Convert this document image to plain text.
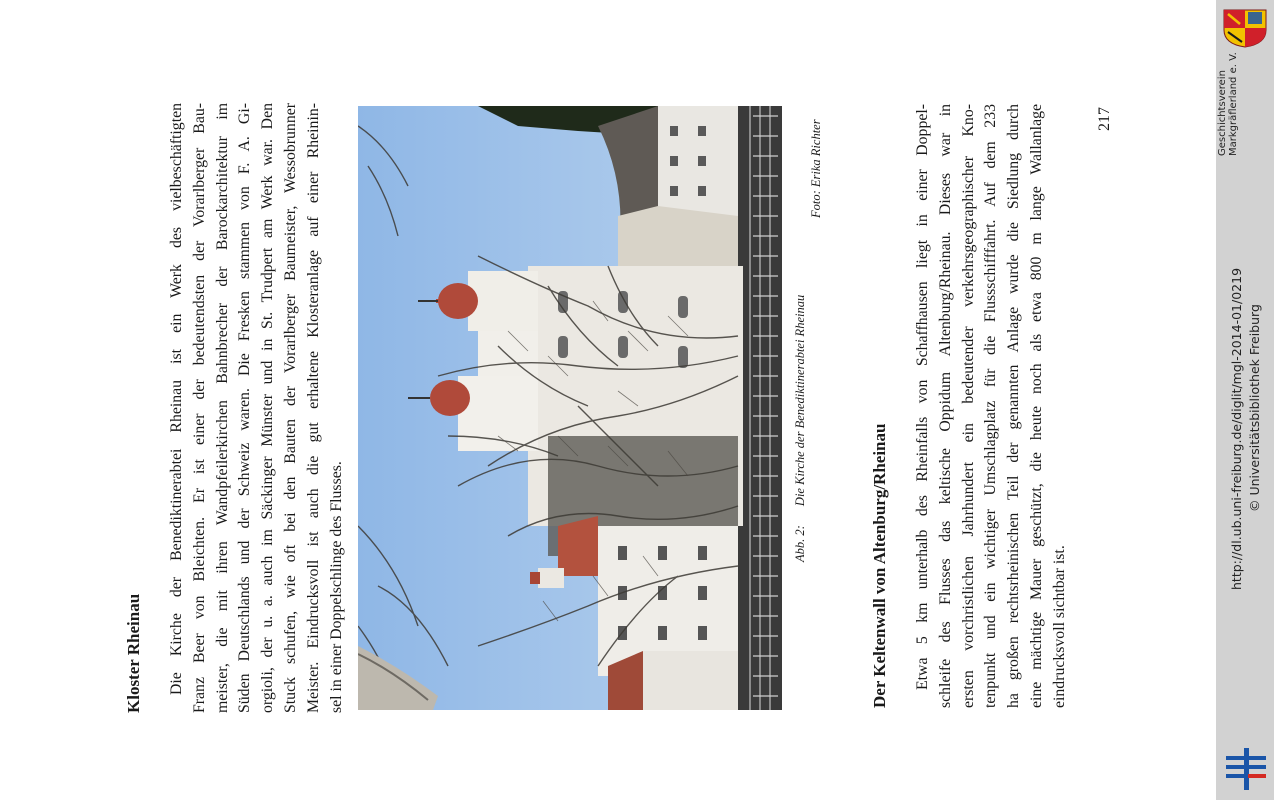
Kloster Rheinau Die Kirche der Benediktinerabtei Rheinau ist ein Werk des vielbeschäftigten Franz Beer von Bleichten. Er ist einer der bedeutendsten der Vorarlberger Bau- meister, die mit ihren Wandpfeilerkirchen Bahnbrecher der Barockarchitektur im Süden Deutschlands und der Schweiz waren. Die Fresken stammen von F. A. Gi- orgioli, der u. a. auch im Säckinger Münster und in St. Trudpert am Werk war. Den Stuck schufen, wie oft bei den Bauten der Vorarlberger Baumeister, Wessobrunner Meister. Eindrucksvoll ist auch die gut erhaltene Klosteranlage auf einer Rheinin- sel in einer Doppelschlinge des Flusses.	Abb. 2: Die Kirche der Benediktinerabtei Rheinau
Foto: Erika Richter
Der Keltenwall von Altenburg/Rheinau Etwa 5 km unterhalb des Rheinfalls von Schaffhausen liegt in einer Doppel- schleife des Flusses das keltische Oppidum Altenburg/Rheinau. Dieses war in ersten vorchristlichen Jahrhundert ein bedeutender verkehrsgeographischer Kno- tenpunkt und ein wichtiger Umschlagplatz für die Flussschifffahrt. Auf dem 233 ha großen rechtsrheinischen Teil der genannten Anlage wurde die Siedlung durch eine mächtige Mauer geschützt, die heute noch als etwa 800 m lange Wallanlage eindrucksvoll sichtbar ist.
217	Geschichtsverein Markgräflerland e. V.
http://dl.ub.uni-freiburg.de/diglit/mgl-2014-01/0219 © Universitätsbibliothek Freiburg
